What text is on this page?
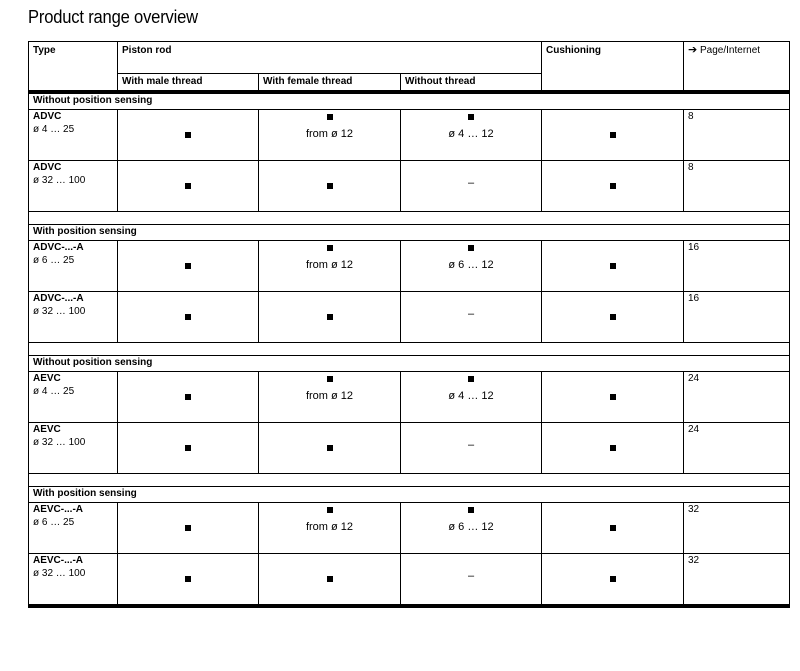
Product range overview
Type	Piston rod			Cushioning	➔ Page/Internet
	With male thread	With female thread	Without thread		
Without position sensing					

ADVC
ø 4 … 25		from ø 12	ø 4 … 12		8

ADVC
ø 32 … 100			–		8

With position sensing					

ADVC-...-A
ø 6 … 25		from ø 12	ø 6 … 12		16

ADVC-...-A
ø 32 … 100			–		16

Without position sensing					

AEVC
ø 4 … 25		from ø 12	ø 4 … 12		24

AEVC
ø 32 … 100			–		24

With position sensing					

AEVC-...-A
ø 6 … 25		from ø 12	ø 6 … 12		32

AEVC-...-A
ø 32 … 100			–		32
